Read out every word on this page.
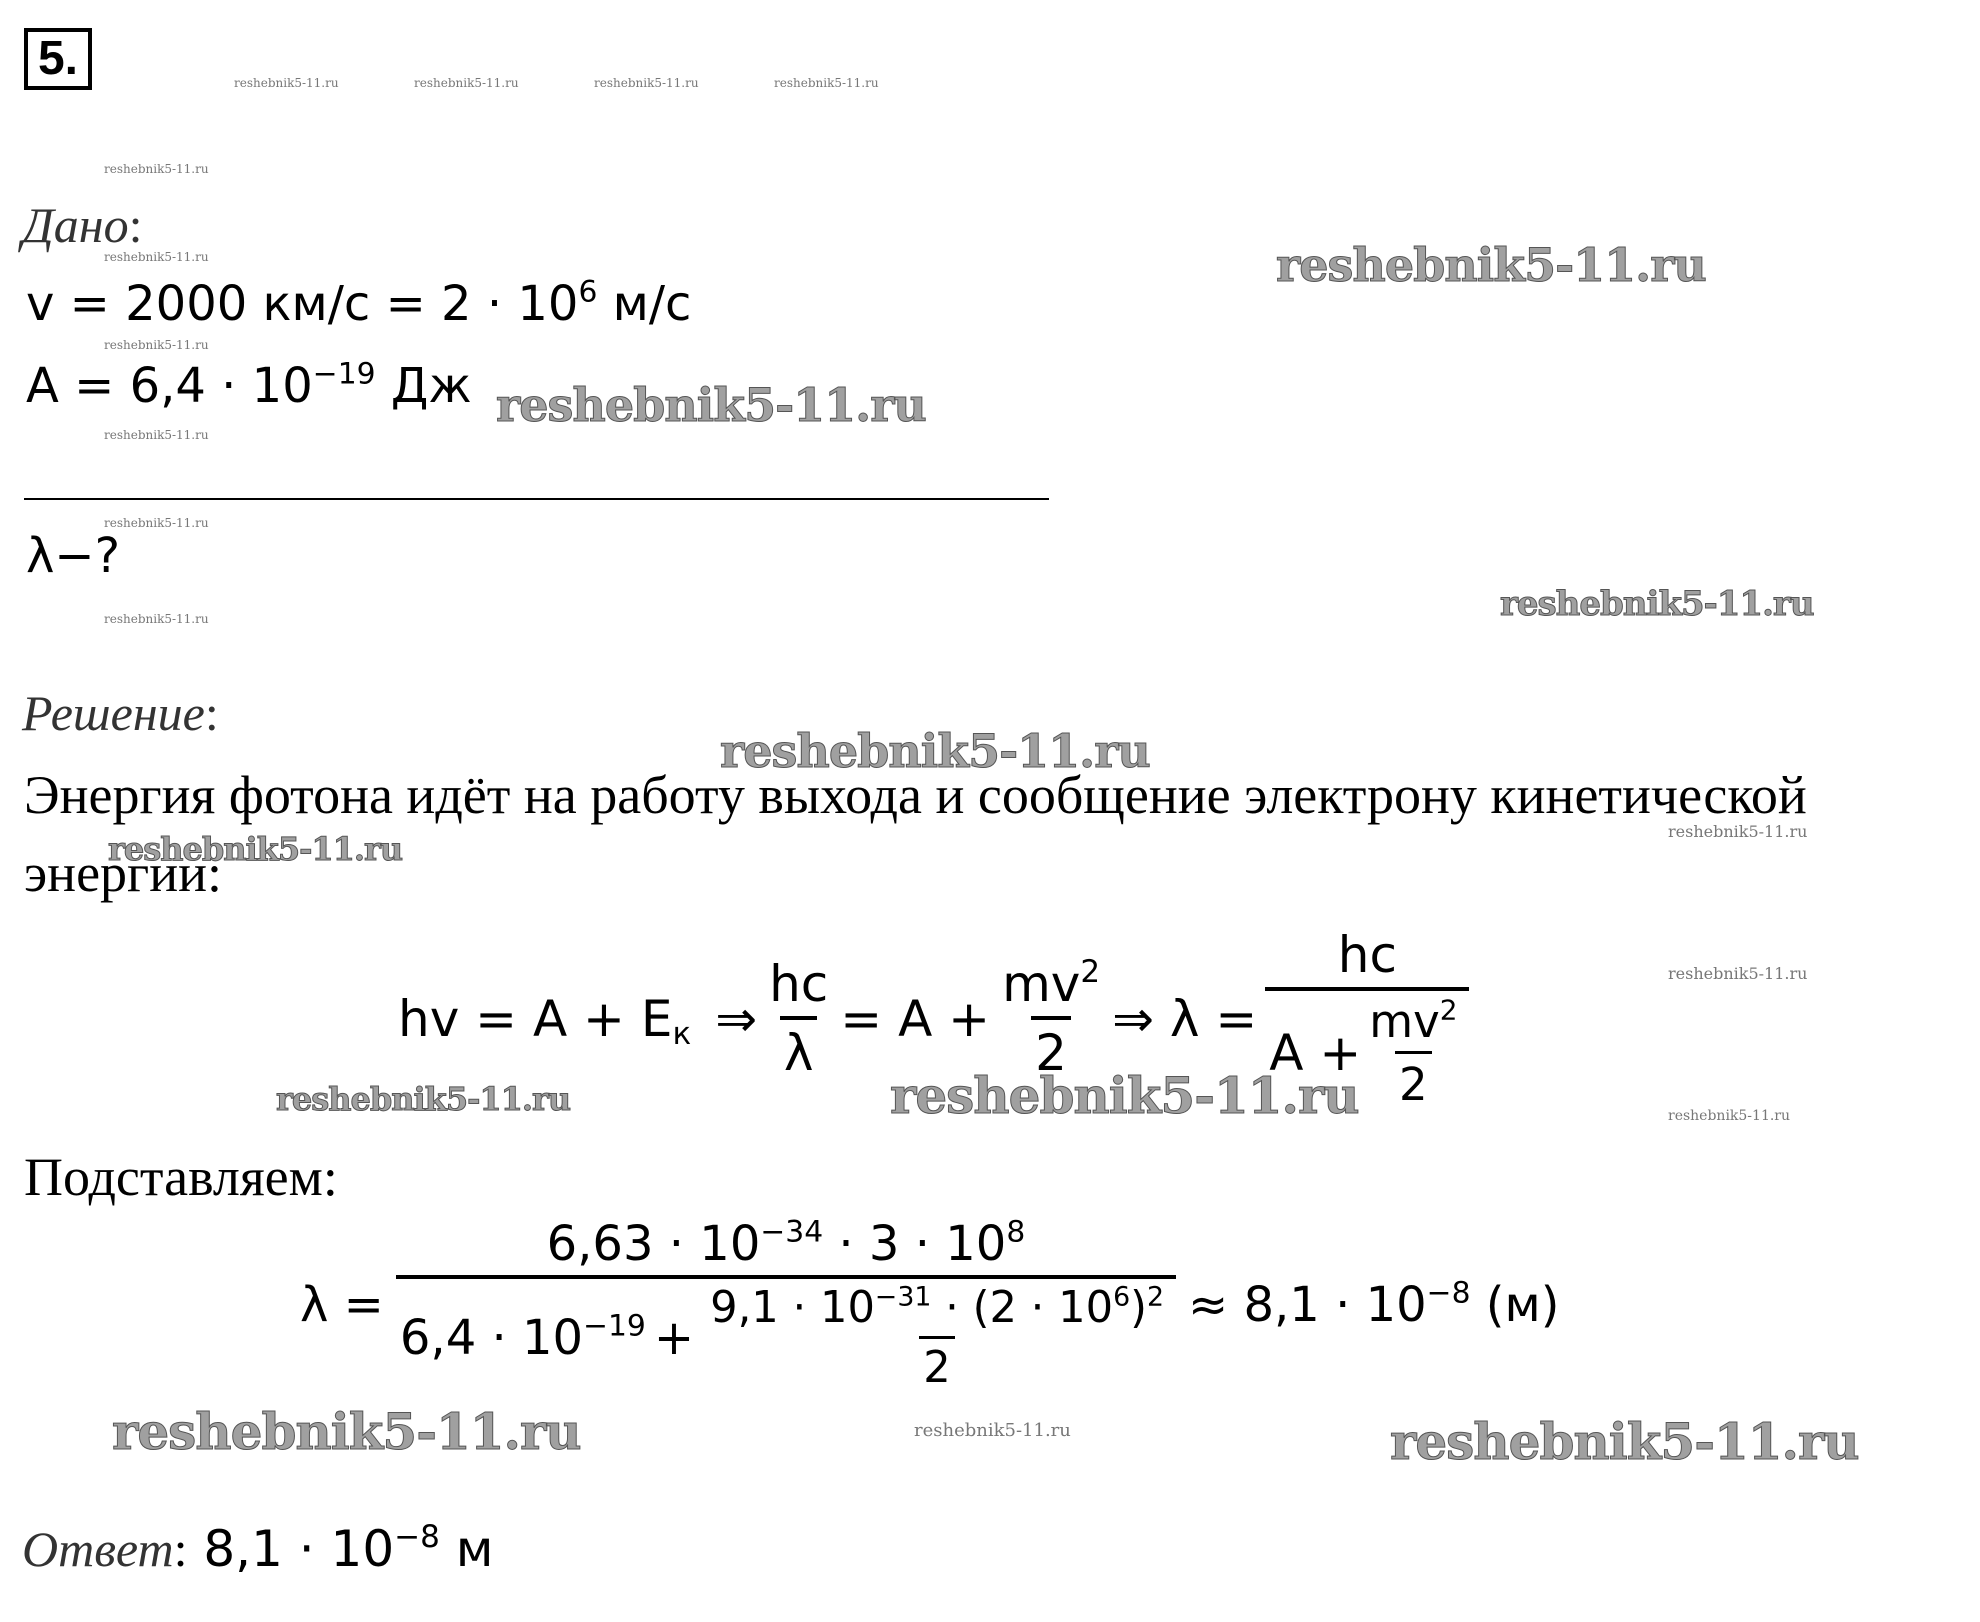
5.
Дано:
v = 2000 $км/с = 2 \cdot 10^6$ м/с
$A = 6,4 \cdot 10^{-19}$ Дж
λ−?
Решение:
Энергия фотона идёт на работу выхода и сообщение электрону кинетической
энергии:
hv = $A + E_к$ ⇒ $\frac{hc}{\lambda} = A + \frac{mv^2}{2}$ ⇒ $\lambda = \frac{hc}{A + \frac{mv^2}{2}}$
Подставляем:
λ =
$6,63 \cdot 10^{-34} \cdot 3 \cdot 10^8$
$6,4 \cdot 10^{-19} + \frac{9,1 \cdot 10^{-31} \cdot (2 \cdot 10^6)^2}{2} \approx 8,1 \cdot 10^{-8}$ (м)
Ответ: $8,1 \cdot 10^{-8}$ м
reshebnik5-11.ru	reshebnik5-11.ru	reshebnik5-11.ru	reshebnik5-11.ru
reshebnik5-11.ru
reshebnik5-11.ru
reshebnik5-11.ru
reshebnik5-11.ru
reshebnik5-11.ru
reshebnik5-11.ru
reshebnik5-11.ru
reshebnik5-11.ru
reshebnik5-11.ru
reshebnik5-11.ru
reshebnik5-11.ru
reshebnik5-11.ru
reshebnik5-11.ru
reshebnik5-11.ru
reshebnik5-11.ru
reshebnik5-11.ru	reshebnik5-11.ru
reshebnik5-11.ru	reshebnik5-11.ru
